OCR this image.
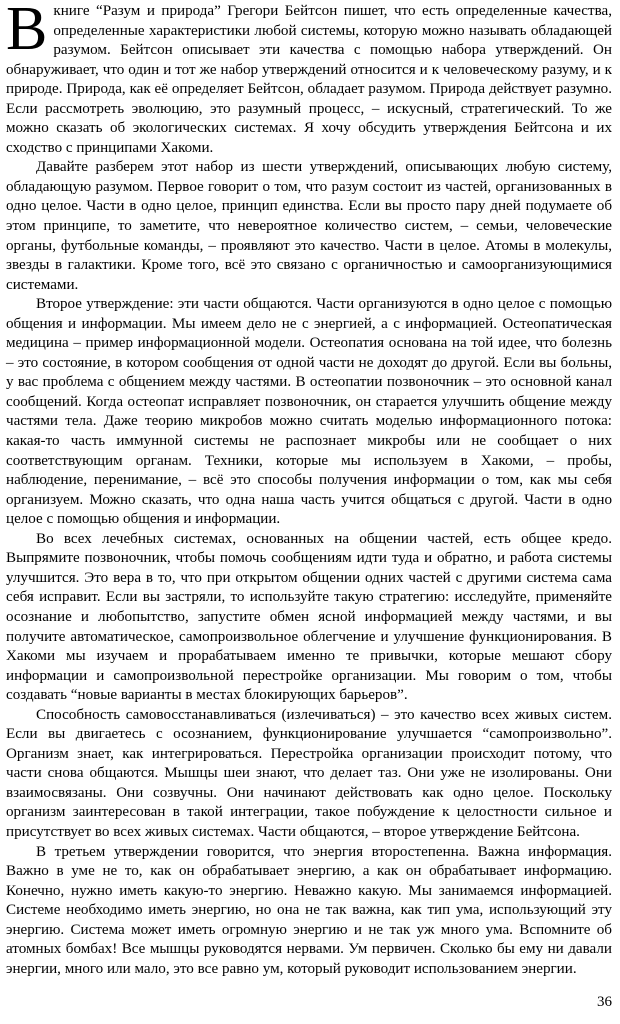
В книге “Разум и природа” Грегори Бейтсон пишет, что есть определенные качества, определенные характеристики любой системы, которую можно называть обладающей разумом. Бейтсон описывает эти качества с помощью набора утверждений. Он обнаруживает, что один и тот же набор утверждений относится и к человеческому разуму, и к природе. Природа, как её определяет Бейтсон, обладает разумом. Природа действует разумно. Если рассмотреть эволюцию, это разумный процесс, – искусный, стратегический. То же можно сказать об экологических системах. Я хочу обсудить утверждения Бейтсона и их сходство с принципами Хакоми.

Давайте разберем этот набор из шести утверждений, описывающих любую систему, обладающую разумом. Первое говорит о том, что разум состоит из частей, организованных в одно целое. Части в одно целое, принцип единства. Если вы просто пару дней подумаете об этом принципе, то заметите, что невероятное количество систем, – семьи, человеческие органы, футбольные команды, – проявляют это качество. Части в целое. Атомы в молекулы, звезды в галактики. Кроме того, всё это связано с органичностью и самоорганизующимися системами.

Второе утверждение: эти части общаются. Части организуются в одно целое с помощью общения и информации. Мы имеем дело не с энергией, а с информацией. Остеопатическая медицина – пример информационной модели. Остеопатия основана на той идее, что болезнь – это состояние, в котором сообщения от одной части не доходят до другой. Если вы больны, у вас проблема с общением между частями. В остеопатии позвоночник – это основной канал сообщений. Когда остеопат исправляет позвоночник, он старается улучшить общение между частями тела. Даже теорию микробов можно считать моделью информационного потока: какая-то часть иммунной системы не распознает микробы или не сообщает о них соответствующим органам. Техники, которые мы используем в Хакоми, – пробы, наблюдение, перенимание, – всё это способы получения информации о том, как мы себя организуем. Можно сказать, что одна наша часть учится общаться с другой. Части в одно целое с помощью общения и информации.

Во всех лечебных системах, основанных на общении частей, есть общее кредо. Выпрямите позвоночник, чтобы помочь сообщениям идти туда и обратно, и работа системы улучшится. Это вера в то, что при открытом общении одних частей с другими система сама себя исправит. Если вы застряли, то используйте такую стратегию: исследуйте, применяйте осознание и любопытство, запустите обмен ясной информацией между частями, и вы получите автоматическое, самопроизвольное облегчение и улучшение функционирования. В Хакоми мы изучаем и прорабатываем именно те привычки, которые мешают сбору информации и самопроизвольной перестройке организации. Мы говорим о том, чтобы создавать “новые варианты в местах блокирующих барьеров”.

Способность самовосстанавливаться (излечиваться) – это качество всех живых систем. Если вы двигаетесь с осознанием, функционирование улучшается “самопроизвольно”. Организм знает, как интегрироваться. Перестройка организации происходит потому, что части снова общаются. Мышцы шеи знают, что делает таз. Они уже не изолированы. Они взаимосвязаны. Они созвучны. Они начинают действовать как одно целое. Поскольку организм заинтересован в такой интеграции, такое побуждение к целостности сильное и присутствует во всех живых системах. Части общаются, – второе утверждение Бейтсона.

В третьем утверждении говорится, что энергия второстепенна. Важна информация. Важно в уме не то, как он обрабатывает энергию, а как он обрабатывает информацию. Конечно, нужно иметь какую-то энергию. Неважно какую. Мы занимаемся информацией. Системе необходимо иметь энергию, но она не так важна, как тип ума, использующий эту энергию. Система может иметь огромную энергию и не так уж много ума. Вспомните об атомных бомбах! Все мышцы руководятся нервами. Ум первичен. Сколько бы ему ни давали энергии, много или мало, это все равно ум, который руководит использованием энергии.

36
